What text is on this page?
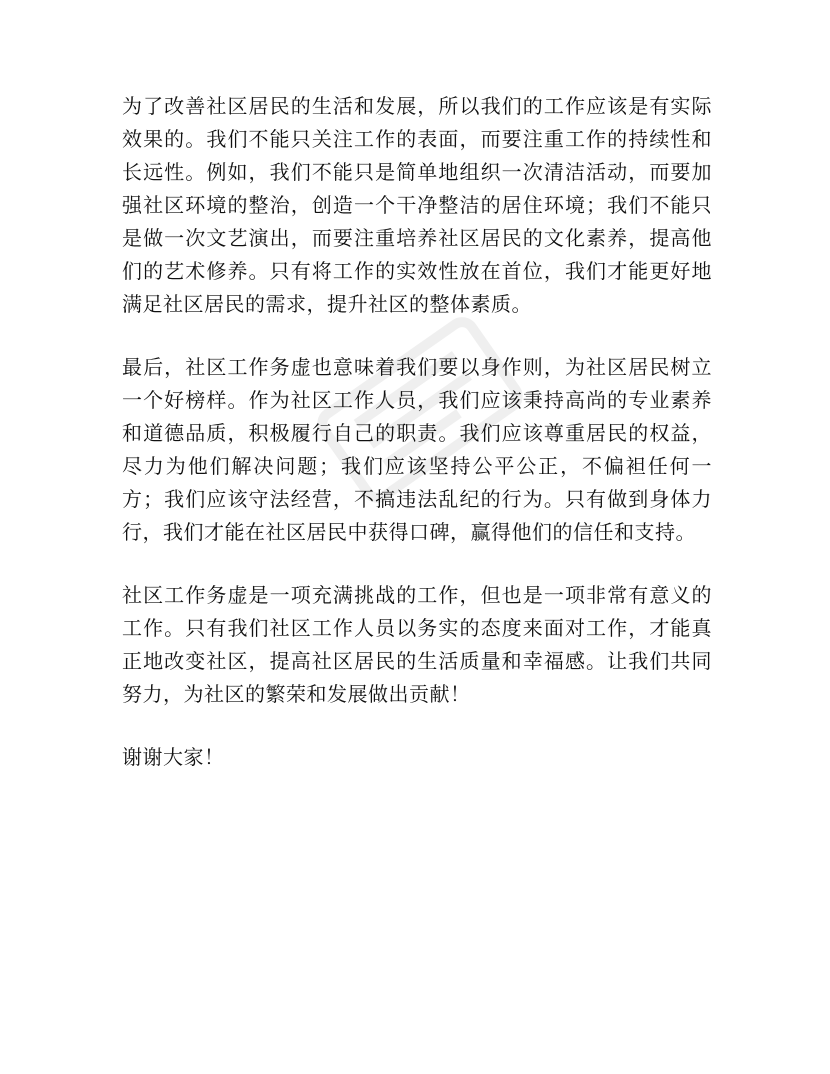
为了改善社区居民的生活和发展，所以我们的工作应该是有实际效果的。我们不能只关注工作的表面，而要注重工作的持续性和长远性。例如，我们不能只是简单地组织一次清洁活动，而要加强社区环境的整治，创造一个干净整洁的居住环境；我们不能只是做一次文艺演出，而要注重培养社区居民的文化素养，提高他们的艺术修养。只有将工作的实效性放在首位，我们才能更好地满足社区居民的需求，提升社区的整体素质。

最后，社区工作务虚也意味着我们要以身作则，为社区居民树立一个好榜样。作为社区工作人员，我们应该秉持高尚的专业素养和道德品质，积极履行自己的职责。我们应该尊重居民的权益，尽力为他们解决问题；我们应该坚持公平公正，不偏袒任何一方；我们应该守法经营，不搞违法乱纪的行为。只有做到身体力行，我们才能在社区居民中获得口碑，赢得他们的信任和支持。

社区工作务虚是一项充满挑战的工作，但也是一项非常有意义的工作。只有我们社区工作人员以务实的态度来面对工作，才能真正地改变社区，提高社区居民的生活质量和幸福感。让我们共同努力，为社区的繁荣和发展做出贡献！

谢谢大家！
